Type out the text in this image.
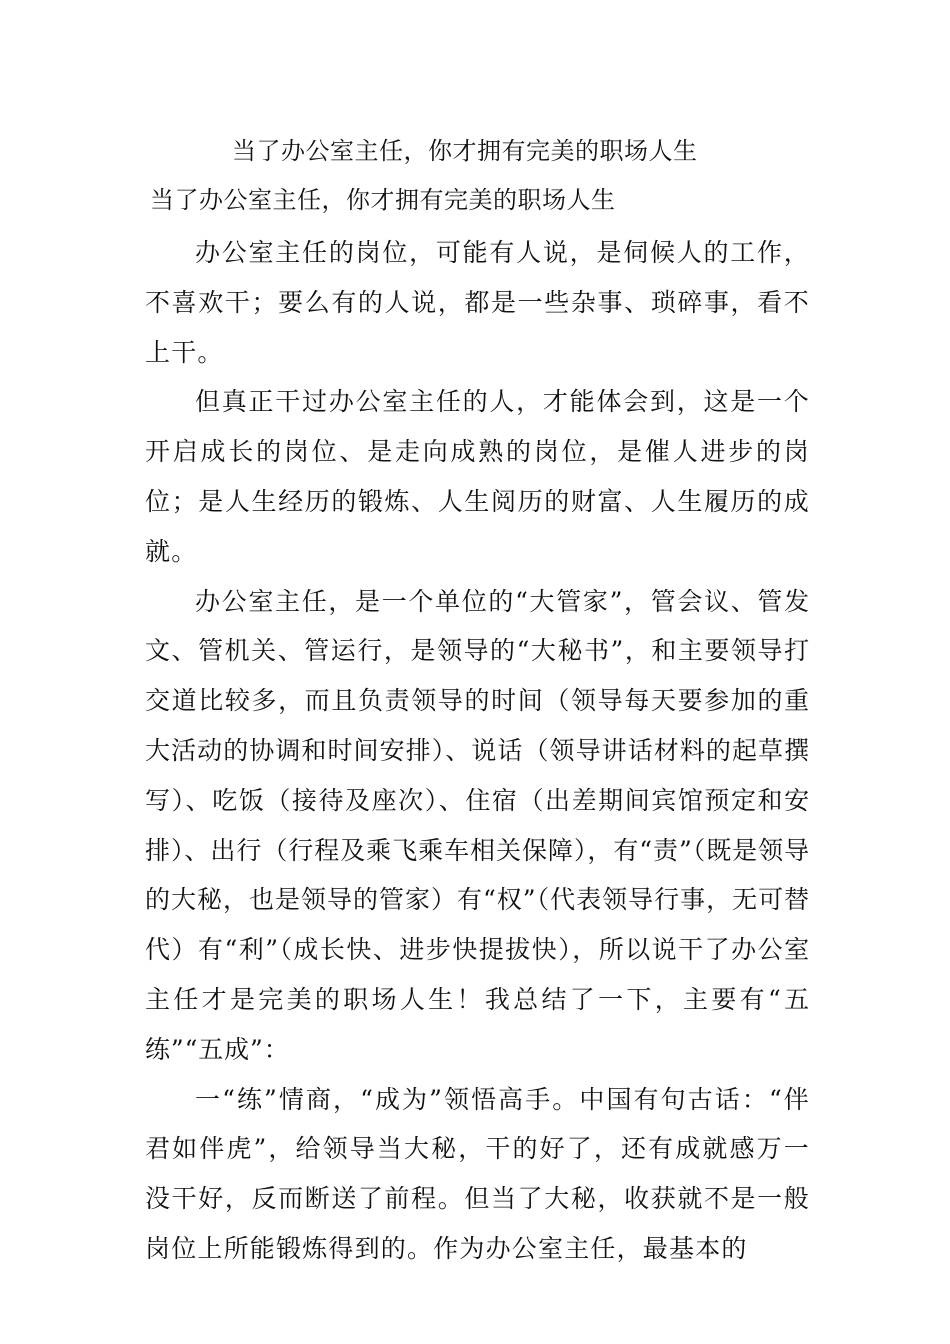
当了办公室主任，你才拥有完美的职场人生
当了办公室主任，你才拥有完美的职场人生

办公室主任的岗位，可能有人说，是伺候人的工作，不喜欢干；要么有的人说，都是一些杂事、琐碎事，看不上干。

但真正干过办公室主任的人，才能体会到，这是一个开启成长的岗位、是走向成熟的岗位，是催人进步的岗位；是人生经历的锻炼、人生阅历的财富、人生履历的成就。

办公室主任，是一个单位的“大管家”，管会议、管发文、管机关、管运行，是领导的“大秘书”，和主要领导打交道比较多，而且负责领导的时间（领导每天要参加的重大活动的协调和时间安排）、说话（领导讲话材料的起草撰写）、吃饭（接待及座次）、住宿（出差期间宾馆预定和安排）、出行（行程及乘飞乘车相关保障），有“责”（既是领导的大秘，也是领导的管家）有“权”（代表领导行事，无可替代）有“利”（成长快、进步快提拔快），所以说干了办公室主任才是完美的职场人生！我总结了一下，主要有“五练”“五成”：

一“练”情商，“成为”领悟高手。中国有句古话：“伴君如伴虎”，给领导当大秘，干的好了，还有成就感万一没干好，反而断送了前程。但当了大秘，收获就不是一般岗位上所能锻炼得到的。作为办公室主任，最基本的
